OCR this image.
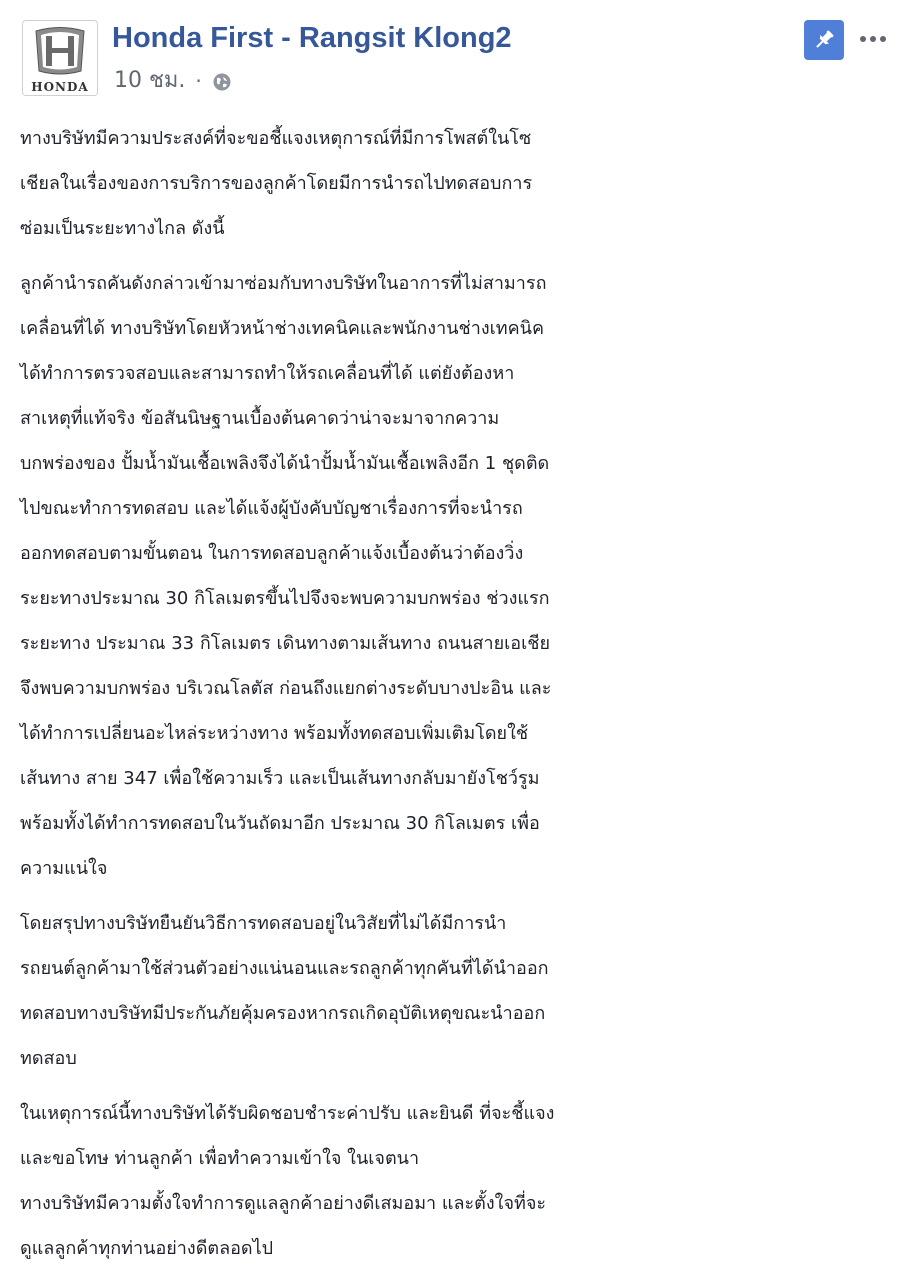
HONDA
Honda First - Rangsit Klong2
10 ชม. ·

ทางบริษัทมีความประสงค์ที่จะขอชี้แจงเหตุการณ์ที่มีการโพสต์ในโซ
เชียลในเรื่องของการบริการของลูกค้าโดยมีการนำรถไปทดสอบการ
ซ่อมเป็นระยะทางไกล ดังนี้

ลูกค้านำรถคันดังกล่าวเข้ามาซ่อมกับทางบริษัทในอาการที่ไม่สามารถ
เคลื่อนที่ได้ ทางบริษัทโดยหัวหน้าช่างเทคนิคและพนักงานช่างเทคนิค
ได้ทำการตรวจสอบและสามารถทำให้รถเคลื่อนที่ได้ แต่ยังต้องหา
สาเหตุที่แท้จริง ข้อสันนิษฐานเบื้องต้นคาดว่าน่าจะมาจากความ
บกพร่องของ ปั้มน้ำมันเชื้อเพลิงจึงได้นำปั้มน้ำมันเชื้อเพลิงอีก 1 ชุดติด
ไปขณะทำการทดสอบ และได้แจ้งผู้บังคับบัญชาเรื่องการที่จะนำรถ
ออกทดสอบตามขั้นตอน ในการทดสอบลูกค้าแจ้งเบื้องต้นว่าต้องวิ่ง
ระยะทางประมาณ 30 กิโลเมตรขึ้นไปจึงจะพบความบกพร่อง ช่วงแรก
ระยะทาง ประมาณ 33 กิโลเมตร เดินทางตามเส้นทาง ถนนสายเอเชีย
จึงพบความบกพร่อง บริเวณโลตัส ก่อนถึงแยกต่างระดับบางปะอิน และ
ได้ทำการเปลี่ยนอะไหล่ระหว่างทาง พร้อมทั้งทดสอบเพิ่มเติมโดยใช้
เส้นทาง สาย 347 เพื่อใช้ความเร็ว และเป็นเส้นทางกลับมายังโชว์รูม
พร้อมทั้งได้ทำการทดสอบในวันถัดมาอีก ประมาณ 30 กิโลเมตร เพื่อ
ความแน่ใจ

โดยสรุปทางบริษัทยืนยันวิธีการทดสอบอยู่ในวิสัยที่ไม่ได้มีการนำ
รถยนต์ลูกค้ามาใช้ส่วนตัวอย่างแน่นอนและรถลูกค้าทุกคันที่ได้นำออก
ทดสอบทางบริษัทมีประกันภัยคุ้มครองหากรถเกิดอุบัติเหตุขณะนำออก
ทดสอบ

ในเหตุการณ์นี้ทางบริษัทได้รับผิดชอบชำระค่าปรับ และยินดี ที่จะชี้แจง
และขอโทษ ท่านลูกค้า เพื่อทำความเข้าใจ ในเจตนา
ทางบริษัทมีความตั้งใจทำการดูแลลูกค้าอย่างดีเสมอมา และตั้งใจที่จะ
ดูแลลูกค้าทุกท่านอย่างดีตลอดไป
